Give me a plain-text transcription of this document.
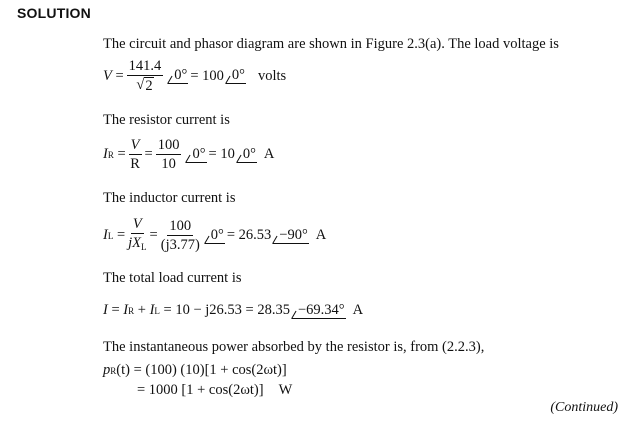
SOLUTION
The circuit and phasor diagram are shown in Figure 2.3(a). The load voltage is
$V = \frac{141.4}{√ 2} 0^\circ = 100$ 0° volts
The resistor current is
I $R = \frac{V}{R} = \frac{100}{10} 0^\circ = 10$ 0° A
The inductor current is
I $L = \frac{V}{jX_L} = \frac{100}{(j3.77)} 0^\circ = 26.53 -90^\circ$ A
The total load current is
I = I R + I L = 10 − j26.53 = 28.35 −69.34° A
The instantaneous power absorbed by the resistor is, from (2.2.3),
p R (t) = (100) (10)[1 + cos(2ωt)]
= 1000 [1 + cos(2ωt)] W
(Continued)
